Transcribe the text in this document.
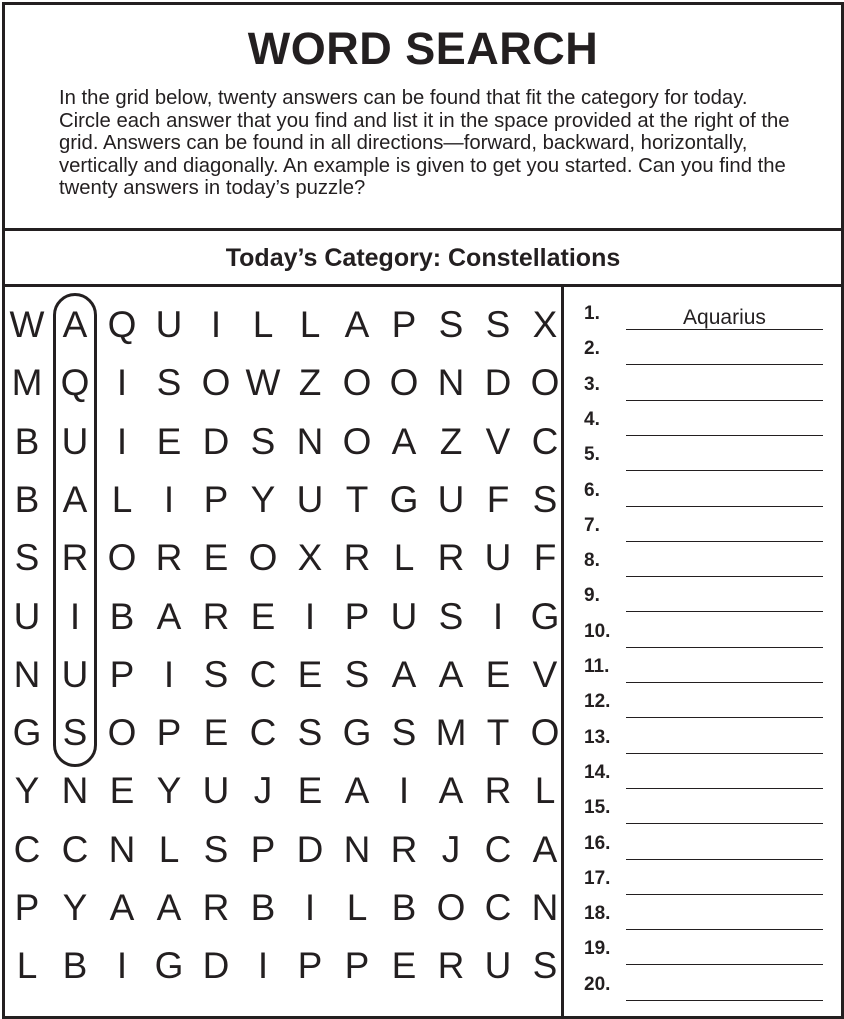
WORD SEARCH
In the grid below, twenty answers can be found that fit the category for today. Circle each answer that you find and list it in the space provided at the right of the grid. Answers can be found in all directions—forward, backward, horizontally, vertically and diagonally. An example is given to get you started. Can you find the twenty answers in today’s puzzle?
Today’s Category: Constellations
W A Q U I L L A P S S X
M Q I S O W Z O O N D O
B U I E D S N O A Z V C
B A L I P Y U T G U F S
S R O R E O X R L R U F
U I B A R E I P U S I G
N U P I S C E S A A E V
G S O P E C S G S M T O
Y N E Y U J E A I A R L
C C N L S P D N R J C A
P Y A A R B I L B O C N
L B I G D I P P E R U S
1.	Aquarius
2.
3.
4.
5.
6.
7.
8.
9.
10.
11.
12.
13.
14.
15.
16.
17.
18.
19.
20.
